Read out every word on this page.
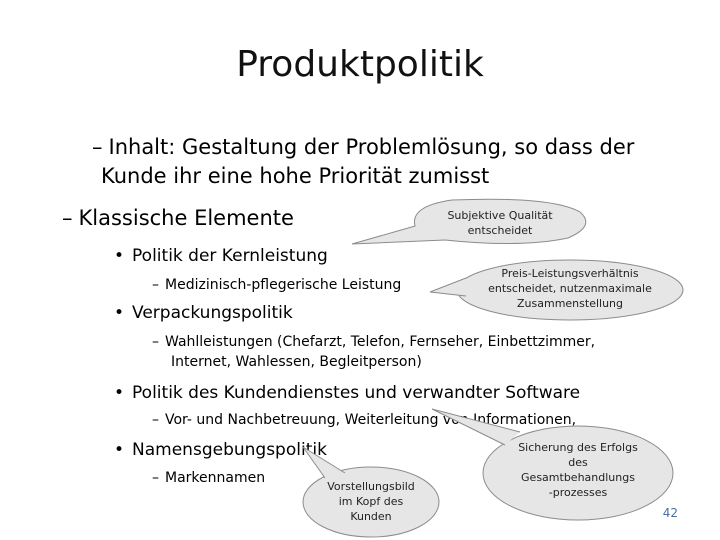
Produktpolitik
– Inhalt: Gestaltung der Problemlösung, so dass der
Kunde ihr eine hohe Priorität zumisst
– Klassische Elemente
• Politik der Kernleistung
– Medizinisch-pflegerische Leistung
• Verpackungspolitik
– Wahlleistungen (Chefarzt, Telefon, Fernseher, Einbettzimmer,
Internet, Wahlessen, Begleitperson)
• Politik des Kundendienstes und verwandter Software
– Vor- und Nachbetreuung, Weiterleitung von Informationen,
• Namensgebungspolitik
– Markennamen
Subjektive Qualität
entscheidet
Preis-Leistungsverhältnis
entscheidet, nutzenmaximale
Zusammenstellung
Sicherung des Erfolgs
des
Gesamtbehandlungs
-prozesses
Vorstellungsbild
im Kopf des
Kunden	42
